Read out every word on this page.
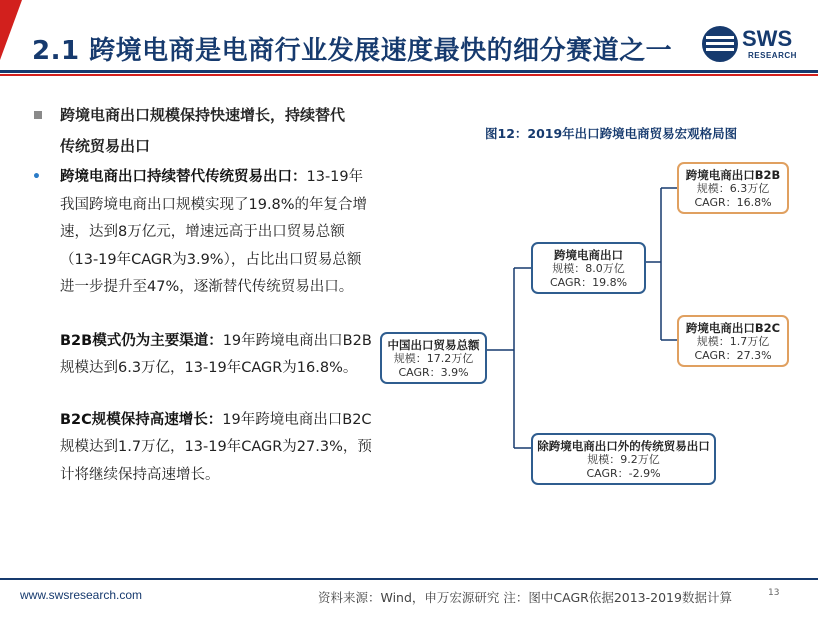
2.1 跨境电商是电商行业发展速度最快的细分赛道之一	SWS
RESEARCH
跨境电商出口规模保持快速增长，持续替代
传统贸易出口
• 跨境电商出口持续替代传统贸易出口：13-19年我国跨境电商出口规模实现了19.8%的年复合增速，达到8万亿元，增速远高于出口贸易总额（13-19年CAGR为3.9%），占比出口贸易总额进一步提升至47%，逐渐替代传统贸易出口。
B2B模式仍为主要渠道：19年跨境电商出口B2B规模达到6.3万亿，13-19年CAGR为16.8%。
B2C规模保持高速增长：19年跨境电商出口B2C规模达到1.7万亿，13-19年CAGR为27.3%，预计将继续保持高速增长。
图12：2019年出口跨境电商贸易宏观格局图
中国出口贸易总额
规模：17.2万亿
CAGR：3.9%
跨境电商出口
规模：8.0万亿
CAGR：19.8%
跨境电商出口B2B
规模：6.3万亿
CAGR：16.8%
跨境电商出口B2C
规模：1.7万亿
CAGR：27.3%
除跨境电商出口外的传统贸易出口
规模：9.2万亿
CAGR：-2.9%
www.swsresearch.com	资料来源：Wind，申万宏源研究 注：图中CAGR依据2013-2019数据计算	13
